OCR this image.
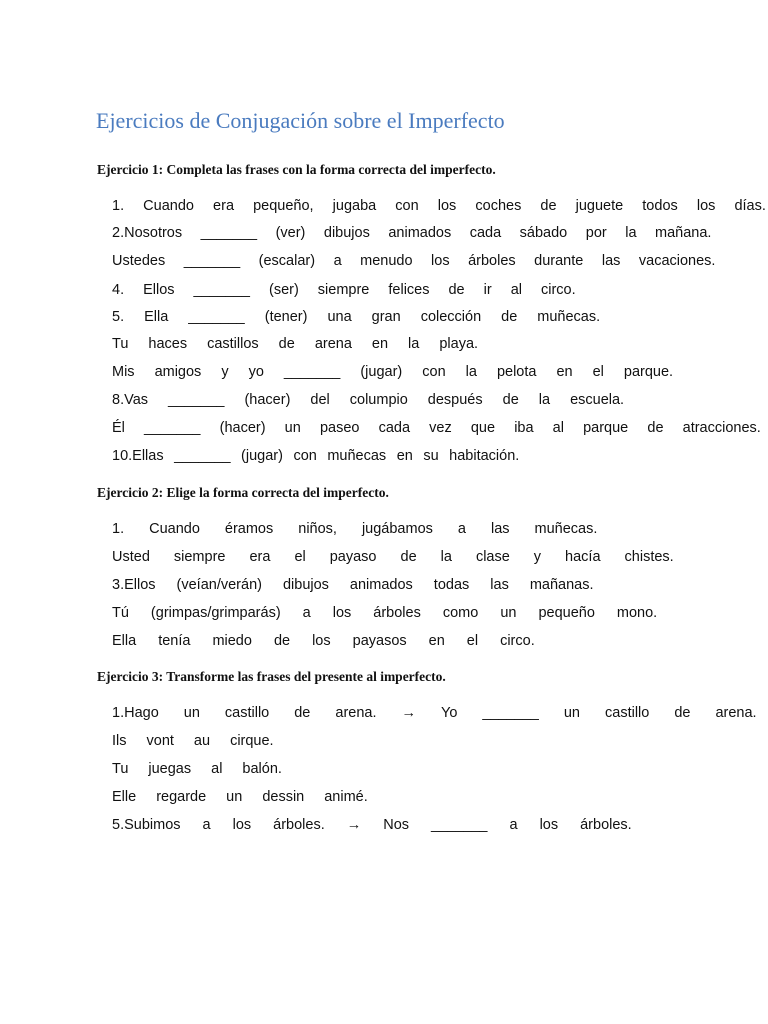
Ejercicios de Conjugación sobre el Imperfecto
Ejercicio 1: Completa las frases con la forma correcta del imperfecto.
1. Cuando era pequeño, jugaba con los coches de juguete todos los días.
2.Nosotros _______ (ver) dibujos animados cada sábado por la mañana.
Ustedes _______ (escalar) a menudo los árboles durante las vacaciones.
4. Ellos _______ (ser) siempre felices de ir al circo.
5. Ella _______ (tener) una gran colección de muñecas.
Tu haces castillos de arena en la playa.
Mis amigos y yo _______ (jugar) con la pelota en el parque.
8.Vas _______ (hacer) del columpio después de la escuela.
Él _______ (hacer) un paseo cada vez que iba al parque de atracciones.
10.Ellas _______ (jugar) con muñecas en su habitación.
Ejercicio 2: Elige la forma correcta del imperfecto.
1. Cuando éramos niños, jugábamos a las muñecas.
Usted siempre era el payaso de la clase y hacía chistes.
3.Ellos (veían/verán) dibujos animados todas las mañanas.
Tú (grimpas/grimparás) a los árboles como un pequeño mono.
Ella tenía miedo de los payasos en el circo.
Ejercicio 3: Transforme las frases del presente al imperfecto.
1.Hago un castillo de arena. → Yo _______ un castillo de arena.
Ils vont au cirque.
Tu juegas al balón.
Elle regarde un dessin animé.
5.Subimos a los árboles. → Nos _______ a los árboles.
